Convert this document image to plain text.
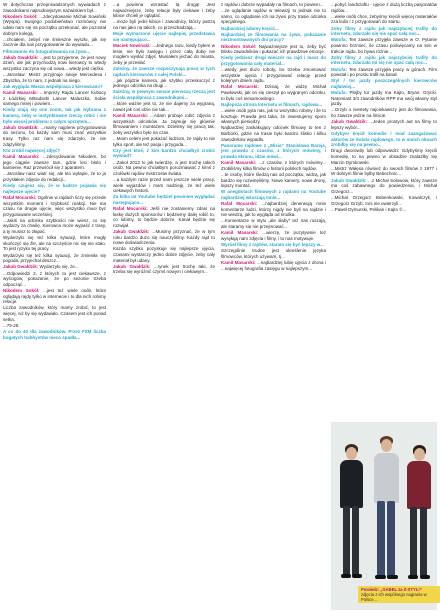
W dotychczas przeprowadzonych wywiadach z zawodnikami najtrudniejszym nazwiskiem był...

Nikodem Sokół: ...zdecydowanie Michał Sowiński (Wyspa). Swojego podobieństwo rozmówcy nie udało nam się na początku przekonać, ale pozostał dobrym kolegą.

...chciałem, żebyś nie śmieszne wyszło, jak się zacznie dla nas przygotowanie do wywiadu...

Filmowanie do fotografowania na żywo...

Jakub Gwałdzik: ...jest to przyjemne, że jest nowy dzień, ale jak przychodzą nowi kierowcy to wtedy wszystko zaczyna się od nowa... wtedy jest ciężko.

...Jaroslaw: Mistrz przyjmuje swoje Mercedesa i Zbyszka, że to nam, z jednak na niego.

Jak wygląda Wasza współpraca z kierowcami?

Kamil Masarski: ...Imprezy Rajdu Lancer Kubacy z Łódzkiej Mitsubishi Lancer Maluszka. Sobie samego mniej i powiem...

Kiedy stają się one zoom, tak jak wybrana z kamerą, żeby w instynktowne rzeczy robić i nie było więcej problemu z całym sprzętem...

Jakub Gwałdzik: ...mamy najpierw przygotowania do sezonu, bo każdy sam musi znać wszystkie trasy. Tylko raz nam się zdarzyło, że nie zdążyliśmy.

Kto zrobił najwięcej zdjęć?

Kamil Masarski: ...zdecydowanie Nikodem, bo jego ciągnie zawsze tam, gdzie leci błoto i kamienie. Raz przewrócił się z aparatem.

...Jaroslaw nasz wiatr się, ale kto wyłapie, że to ja przysłałem zdjęcie do redakcji...

Kiedy czujesz się, że w kadrze pojawia się najlepsze ujęcie?

Rafał Mocarski: Ogólnie w rajdach liczy się przede wszystkim moment i szybkość reakcji. Nie ma czasu na drugie ujęcie, więc wszystko musi być przygotowane wcześniej.

...Jakiś na odcinku szybkości nie wiesz, co się wydarzy za chwilę. Kierowca może wypaść z trasy, a ty musisz to złapać.

Wydarzyło się też kilka sytuacji, które mogły skończyć się źle, ale na szczęście nic się nie stało. To jest ryzyko tej pracy.

Wydarzyło się też kilka sytuacji, że zmieniła się pogoda, przyjechał deszcz...

Jakub Gwałdzik: Wydarzyło się, że...

...Odpowiedzi 2, z których to jest ciekawsze, z wyścigów, pokazanie, że po sezonie trzeba odpocząć...

Nikodem Sokół: ...jest też wiele osób, które oglądają rajdy tylko w internecie i to dla nich robimy relacje.

Liczba zawodników, który mamy zrobić, to jest więcej, niż by się wydawało. Czasem jest ich ponad setka.

...75-25.

A co do 40 dla zawodników. Przez FZM liczba bogatych hobbystów nieco spadła...

...a powinna wzrastać tą drogą! Jest najważniejsze, żeby relacje były ciekawe i żeby kibice chcieli je oglądać.

...może byli jedni kibice i zawodnicy, którzy patrzą na nas jako na takich, co przeszkadzają...

Moje wymarzone ujęcie najlepiej przedstawia się następująco...

Maciek Nowiński: ...Jednego razu, kiedy byłem w lesie, nie było zasięgu i przez całą dobę nie mogłem wysłać zdjęć. Musiałem jechać do miasta, żeby je przesłać.

Zależny, że zawsze rozpoczynają pracę w tych rajdach kierowców z całej Polski...

...jak pójdzie kamera, jak szybko przeskoczyć z jednego odcinka na drugi...

Zależny, w pewnym sensie pierwszą rzeczą jest ścisła współpraca z zawodnikami...

...które ważne jest to, że nie dajemy za wygraną, nawet jak coś idzie nie tak...

Kamil Masarski: ...Adam probuje robić zdjęcia z wszystkich odcinków. Ja zajmuję się głównie filmowaniem i montażem. Dzielimy się pracą tak, żeby wszystko było na czas.

...Moim celem jest pokazać ludziom, że rajdy to nie tylko sport, ale też pasja i przygoda...

Czy jest ktoś, z kim bardzo chciałbyś zrobić wywiad?

...Zakoł 2013 to jak twierdzę, a jest trochę takich osób. Na pewno chciałbym porozmawiać z kimś z czołówki rajdów mistrzostw świata.

...a każdym razie przed nami jeszcze wiele pracy, wiele wyjazdów i mam nadzieję, że też wiele ciekawych historii.

Za kilka lat Youtube będzie/ powinien wyglądać następująco...

Rafał Mocarski: Jeśli nie zostaniemy zdani na łaskę dużych sponsorów i będziemy dalej robić to, co lubimy, to będzie dobrze. Kanał będzie się rozwijał.

Jakub Gwałdzik: ...Musimy przyznać, że w tym roku bardzo dużo się nauczyliśmy. Każdy rajd to nowe doświadczenia.

Kazda szybko pozyskuje się najlepsze ujęcia, czasami wystarczy jedno dobre zdjęcie, żeby cały materiał był udany.

Jakub Gwałdzik: ...rynek jest trochę taki, że trzeba się wyróżnić czymś nowym i ciekawym...

z rajdów i dobrze wypadały na filmach, to powiem...

...że oglądanie rajdów w telewizji to jednak nie to samo, co oglądanie ich na żywo przy trasie odcinka specjalnego.

Najbardziej lubimy kręcić...

Najbardziej ze filmowania na żywo, pokazanie niezmontowanych dni pracy?

Nikodem Sokół: Najważniejsze jest to, żeby być blisko zawodników i pokazać ich prawdziwe emocje.

Kiedy jedziesz drugi wieczór na rajd i masz do przygotowania cały materiał...

...wtedy jest dużo roboty, bo trzeba zmontować wszystkie ujęcia i przygotować relację przed kolejnym dniem rajdu.

Rafał Mocarski: Dzisiaj, że widzę Michał Pawłowski, jak on się cieszył po wygranym odcinku, to było coś niesamowitego.

Najlepsza strona Internetu w filmach, rajdowa...

...wiele osób pyta nas, jak to wszystko robimy i ile to kosztuje. Prawda jest taka, że inwestujemy sporo własnych pieniędzy.

Najbardziej zaskakujący odcinek filmowy to ten z Barbórki, gdzie na trasie było bardzo ślisko i kilku zawodników wypadło.

Panoramę rajdowe z „Misia” Stanisława Bareja, jest prawda z czasów, z których mówimy, i prawda ekranu, idzie mówi...

Kamil Masarski: ...z czasów, z których mówimy... Zrobiliśmy kilka filmów o historii polskich rajdów.

...te osoby, które śledzą nas od początku, widzą, jak bardzo się rozwinęliśmy. Nowe kamery, nowe drony, lepszy montaż.

W anegdotach filmowych z rajdami na Youtube najbardziej wkurzają mnie...

Rafał Mocarski: ...najbardziej denerwują mnie komentarze ludzi, którzy nigdy nie byli na rajdzie i nie wiedzą, jak to wygląda od środka.

...Komentarze w stylu „ale słaby” też nas ruszają, ale staramy się nie przejmować...

Kamil Masarski: ...wierzę, że pozytywnie też wysyłają nam zdjęcia i filmy, i to nas motywuje.

Wyrósł filmy z rajdów, staram się być lepszy w...

Szczególnie trudne jest określenie języka filmowców, których używam, tj...

Kamil Masarski: ...najbardziej lubię ujęcia z drona i ...najwięcej fotografia zasięgu w najlepszym...

...pobyć landszaftu - ujęcie z dużą liczbą pasjonatów rajdów...

...wiele osób chce, żebyśmy kręcili więcej materiałów zza kulis i z przygotowań do startu.

Zoby filmy z rajdu jak najszybciej trafiły do internetu, zdarzało się nie spać całą noc...

Matufa: Ten zawsze przyjęła zawsze w O. Pytanie powinno brzmieć, ile czasu poświęcamy na sen w trakcie rajdu, bo bywa różnie...

Zoby filmy z rajdu jak najszybciej trafiły do internetu, zdarzało mi się nie spać całą noc...

Matufa: Ten zawsze przyjęła pracy w górach. Film powstał i po prostu trafił na kanał.

Styl / tor jazdy poszczególnych kierowców najłatwiej...

Matufa: Plejby tor jazdy ma Kajto, Bryan, Grycki. Natomiast 3/4 zawodników RPP ma swój własny styl jazdy.

...Grzyb o niestety najciekawszy jest do filmowania, bo zawsze jedzie na limicie.

Jakub Gwałdzik: ...Jeden prostych aut na filmy to lepszy wybór...

Gdybym kręcił komedie i miał zaangażować aktorów ze świata rajdowego, to w moich oknach zrobiłby się na pewno...

Drugi dworowity lub odpowiedzi: Gdybyśmy kręcili komedię, to na pewno w obsadzie znalazłby się Marcin Dymkowski.

...Mistrz Wałęsa również do swoich filmów z 1977 i W dobrym filmie byłby Bebechnic...

Jakub Gwałdzik: ...z Michał Sołowow, który zawsze ma coś zabawnego do powiedzenia, i Michał Grzegorz...

...Michał Grzegorz Bebenkowski, Kowalczyk, i Grzegorz Grzyb. Inni nie uwierzyli...

...Pawel Dymurski, Pelikan i Kajto ©...

Powiedz: „GABEL za Z-STYL!”
zdjęcia z ich wspólnego nagrania w Polsce...
